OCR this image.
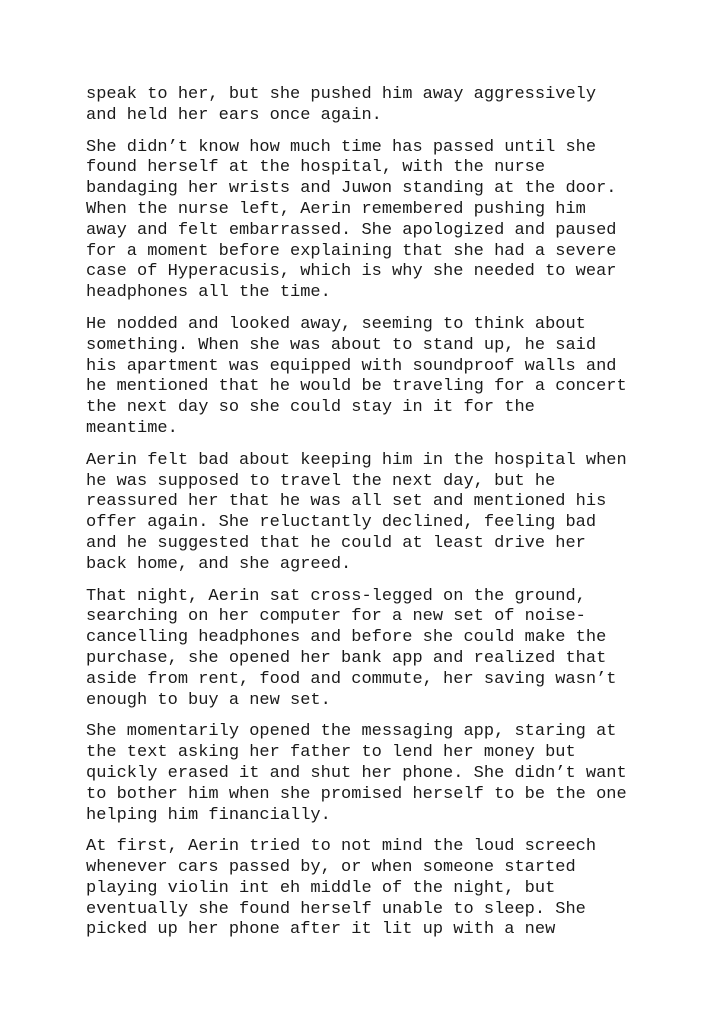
speak to her, but she pushed him away aggressively
and held her ears once again.

She didn’t know how much time has passed until she
found herself at the hospital, with the nurse
bandaging her wrists and Juwon standing at the door.
When the nurse left, Aerin remembered pushing him
away and felt embarrassed. She apologized and paused
for a moment before explaining that she had a severe
case of Hyperacusis, which is why she needed to wear
headphones all the time.

He nodded and looked away, seeming to think about
something. When she was about to stand up, he said
his apartment was equipped with soundproof walls and
he mentioned that he would be traveling for a concert
the next day so she could stay in it for the
meantime.

Aerin felt bad about keeping him in the hospital when
he was supposed to travel the next day, but he
reassured her that he was all set and mentioned his
offer again. She reluctantly declined, feeling bad
and he suggested that he could at least drive her
back home, and she agreed.

That night, Aerin sat cross-legged on the ground,
searching on her computer for a new set of noise-
cancelling headphones and before she could make the
purchase, she opened her bank app and realized that
aside from rent, food and commute, her saving wasn’t
enough to buy a new set.

She momentarily opened the messaging app, staring at
the text asking her father to lend her money but
quickly erased it and shut her phone. She didn’t want
to bother him when she promised herself to be the one
helping him financially.

At first, Aerin tried to not mind the loud screech
whenever cars passed by, or when someone started
playing violin int eh middle of the night, but
eventually she found herself unable to sleep. She
picked up her phone after it lit up with a new
